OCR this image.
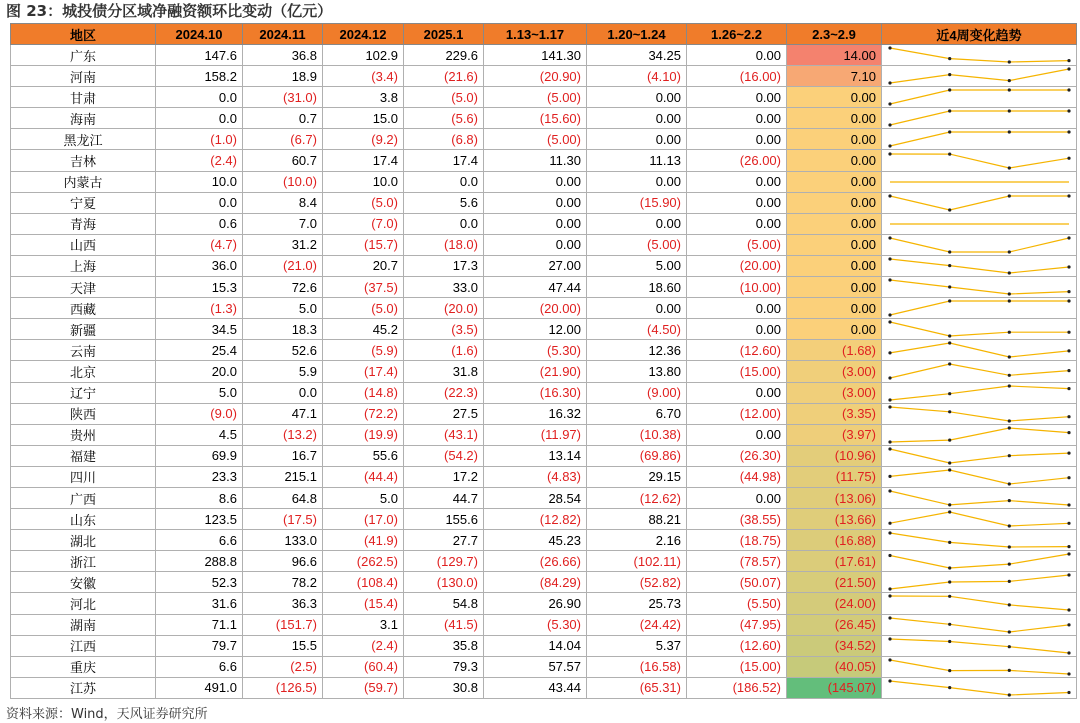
图 23：城投债分区域净融资额环比变动（亿元）
地区	2024.10	2024.11	2024.12	2025.1	1.13~1.17	1.20~1.24	1.26~2.2	2.3~2.9	近4周变化趋势
广东	147.6	36.8	102.9	229.6	141.30	34.25	0.00	14.00	

河南	158.2	18.9	(3.4)	(21.6)	(20.90)	(4.10)	(16.00)	7.10	

甘肃	0.0	(31.0)	3.8	(5.0)	(5.00)	0.00	0.00	0.00	

海南	0.0	0.7	15.0	(5.6)	(15.60)	0.00	0.00	0.00	

黑龙江	(1.0)	(6.7)	(9.2)	(6.8)	(5.00)	0.00	0.00	0.00	

吉林	(2.4)	60.7	17.4	17.4	11.30	11.13	(26.00)	0.00	

内蒙古	10.0	(10.0)	10.0	0.0	0.00	0.00	0.00	0.00	

宁夏	0.0	8.4	(5.0)	5.6	0.00	(15.90)	0.00	0.00	

青海	0.6	7.0	(7.0)	0.0	0.00	0.00	0.00	0.00	

山西	(4.7)	31.2	(15.7)	(18.0)	0.00	(5.00)	(5.00)	0.00	

上海	36.0	(21.0)	20.7	17.3	27.00	5.00	(20.00)	0.00	

天津	15.3	72.6	(37.5)	33.0	47.44	18.60	(10.00)	0.00	

西藏	(1.3)	5.0	(5.0)	(20.0)	(20.00)	0.00	0.00	0.00	

新疆	34.5	18.3	45.2	(3.5)	12.00	(4.50)	0.00	0.00	

云南	25.4	52.6	(5.9)	(1.6)	(5.30)	12.36	(12.60)	(1.68)	

北京	20.0	5.9	(17.4)	31.8	(21.90)	13.80	(15.00)	(3.00)	

辽宁	5.0	0.0	(14.8)	(22.3)	(16.30)	(9.00)	0.00	(3.00)	

陕西	(9.0)	47.1	(72.2)	27.5	16.32	6.70	(12.00)	(3.35)	

贵州	4.5	(13.2)	(19.9)	(43.1)	(11.97)	(10.38)	0.00	(3.97)	

福建	69.9	16.7	55.6	(54.2)	13.14	(69.86)	(26.30)	(10.96)	

四川	23.3	215.1	(44.4)	17.2	(4.83)	29.15	(44.98)	(11.75)	

广西	8.6	64.8	5.0	44.7	28.54	(12.62)	0.00	(13.06)	

山东	123.5	(17.5)	(17.0)	155.6	(12.82)	88.21	(38.55)	(13.66)	

湖北	6.6	133.0	(41.9)	27.7	45.23	2.16	(18.75)	(16.88)	

浙江	288.8	96.6	(262.5)	(129.7)	(26.66)	(102.11)	(78.57)	(17.61)	

安徽	52.3	78.2	(108.4)	(130.0)	(84.29)	(52.82)	(50.07)	(21.50)	

河北	31.6	36.3	(15.4)	54.8	26.90	25.73	(5.50)	(24.00)	

湖南	71.1	(151.7)	3.1	(41.5)	(5.30)	(24.42)	(47.95)	(26.45)	

江西	79.7	15.5	(2.4)	35.8	14.04	5.37	(12.60)	(34.52)	

重庆	6.6	(2.5)	(60.4)	79.3	57.57	(16.58)	(15.00)	(40.05)	

江苏	491.0	(126.5)	(59.7)	30.8	43.44	(65.31)	(186.52)	(145.07)	
资料来源：Wind，天风证券研究所
